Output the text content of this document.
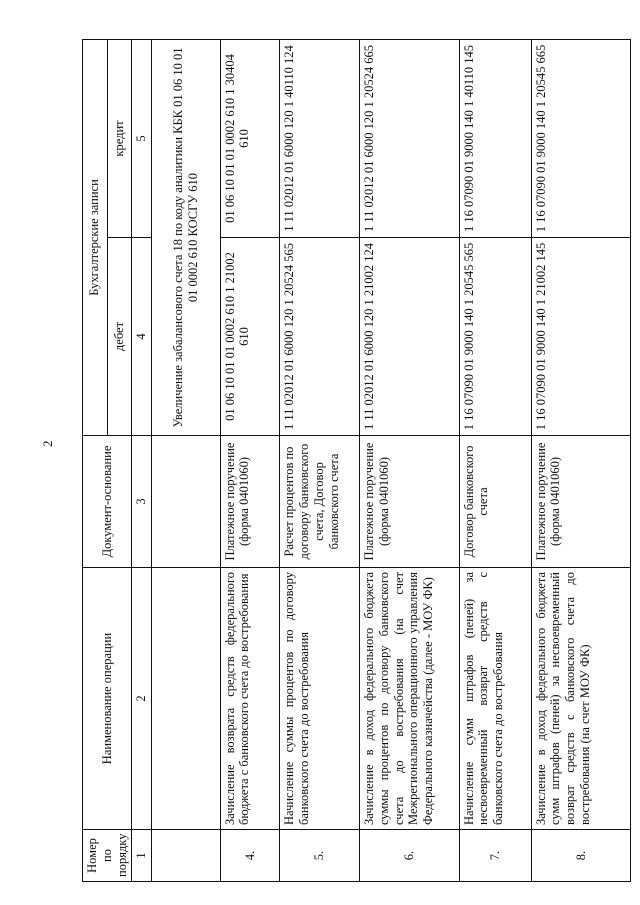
2
Номер по порядку	Наименование операции	Документ-основание	Бухгалтерские записи	
			дебет	кредит
1	2	3	4	5
			Увеличение забалансового счета 18 по коду аналитики КБК 01 06 10 01 01 0002 610 КОСГУ 610	
4.	Зачисление возврата средств федерального бюджета с банковского счета до востребования	Платежное поручение (форма 0401060)	01 06 10 01 01 0002 610 1 21002 610	01 06 10 01 01 0002 610 1 30404 610
5.	Начисление суммы процентов по договору банковского счета до востребования	Расчет процентов по договору банковского счета, Договор банковского счета	1 11 02012 01 6000 120 1 20524 565	1 11 02012 01 6000 120 1 40110 124
6.	Зачисление в доход федерального бюджета суммы процентов по договору банковского счета до востребования (на счет Межрегионального операционного управления Федерального казначейства (далее - МОУ ФК)	Платежное поручение (форма 0401060)	1 11 02012 01 6000 120 1 21002 124	1 11 02012 01 6000 120 1 20524 665
7.	Начисление сумм штрафов (пеней) за несвоевременный возврат средств с банковского счета до востребования	Договор банковского счета	1 16 07090 01 9000 140 1 20545 565	1 16 07090 01 9000 140 1 40110 145
8.	Зачисление в доход федерального бюджета сумм штрафов (пеней) за несвоевременный возврат средств с банковского счета до востребования (на счет МОУ ФК)	Платежное поручение (форма 0401060)	1 16 07090 01 9000 140 1 21002 145	1 16 07090 01 9000 140 1 20545 665
